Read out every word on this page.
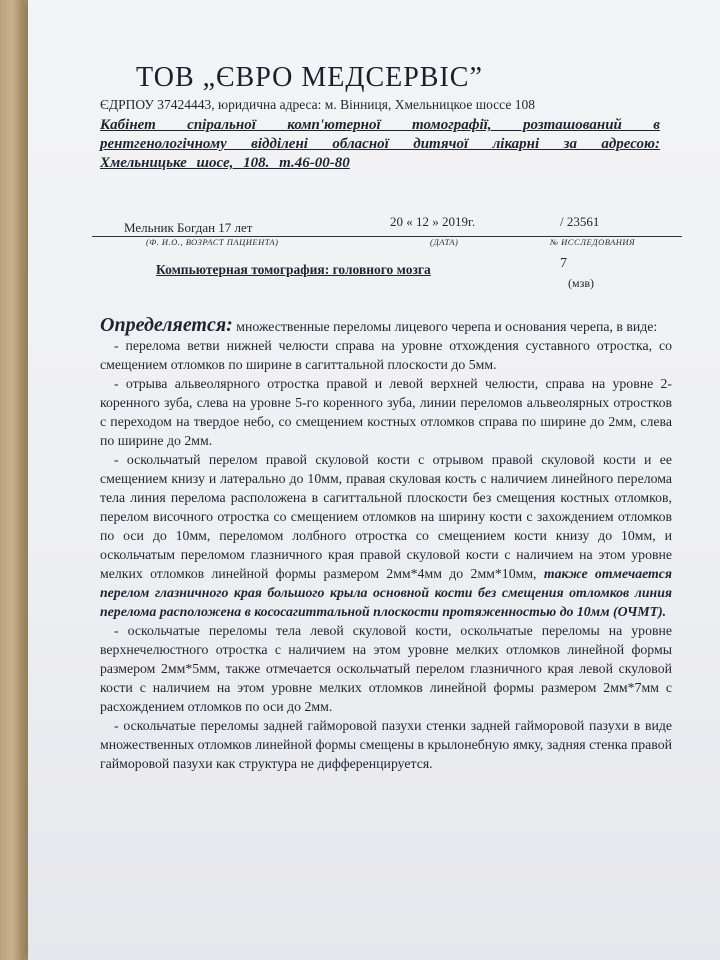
ТОВ „ЄВРО МЕДСЕРВІС”
ЄДРПОУ 37424443, юридична адреса: м. Вінниця, Хмельницкое шоссе 108
Кабінет спіральної комп'ютерної томографії, розташований в рентгенологічному відділені обласної дитячої лікарні за адресою: Хмельницьке шосе, 108. т.46-00-80
Мельник Богдан 17 лет	20 « 12 » 2019г.	/ 23561
(Ф. И.О., ВОЗРАСТ ПАЦИЕНТА)	(ДАТА)	№ ИССЛЕДОВАНИЯ
Компьютерная томография: головного мозга	7
(мзв)

Определяется: множественные переломы лицевого черепа и основания черепа, в виде:

- перелома ветви нижней челюсти справа на уровне отхождения суставного отростка, со смещением отломков по ширине в сагиттальной плоскости до 5мм.

- отрыва альвеолярного отростка правой и левой верхней челюсти, справа на уровне 2-коренного зуба, слева на уровне 5-го коренного зуба, линии переломов альвеолярных отростков с переходом на твердое небо, со смещением костных отломков справа по ширине до 2мм, слева по ширине до 2мм.

- оскольчатый перелом правой скуловой кости с отрывом правой скуловой кости и ее смещением книзу и латерально до 10мм, правая скуловая кость с наличием линейного перелома тела линия перелома расположена в сагиттальной плоскости без смещения костных отломков, перелом височного отростка со смещением отломков на ширину кости с захождением отломков по оси до 10мм, переломом лолбного отростка со смещением кости книзу до 10мм, и оскольчатым переломом глазничного края правой скуловой кости с наличием на этом уровне мелких отломков линейной формы размером 2мм*4мм до 2мм*10мм, также отмечается перелом глазничного края большого крыла основной кости без смещения отломков линия перелома расположена в кососагиттальной плоскости протяженностью до 10мм (ОЧМТ).

- оскольчатые переломы тела левой скуловой кости, оскольчатые переломы на уровне верхнечелюстного отростка с наличием на этом уровне мелких отломков линейной формы размером 2мм*5мм, также отмечается оскольчатый перелом глазничного края левой скуловой кости с наличием на этом уровне мелких отломков линейной формы размером 2мм*7мм с расхождением отломков по оси до 2мм.

- оскольчатые переломы задней гайморовой пазухи стенки задней гайморовой пазухи в виде множественных отломков линейной формы смещены в крылонебную ямку, задняя стенка правой гайморовой пазухи как структура не дифференцируется.
